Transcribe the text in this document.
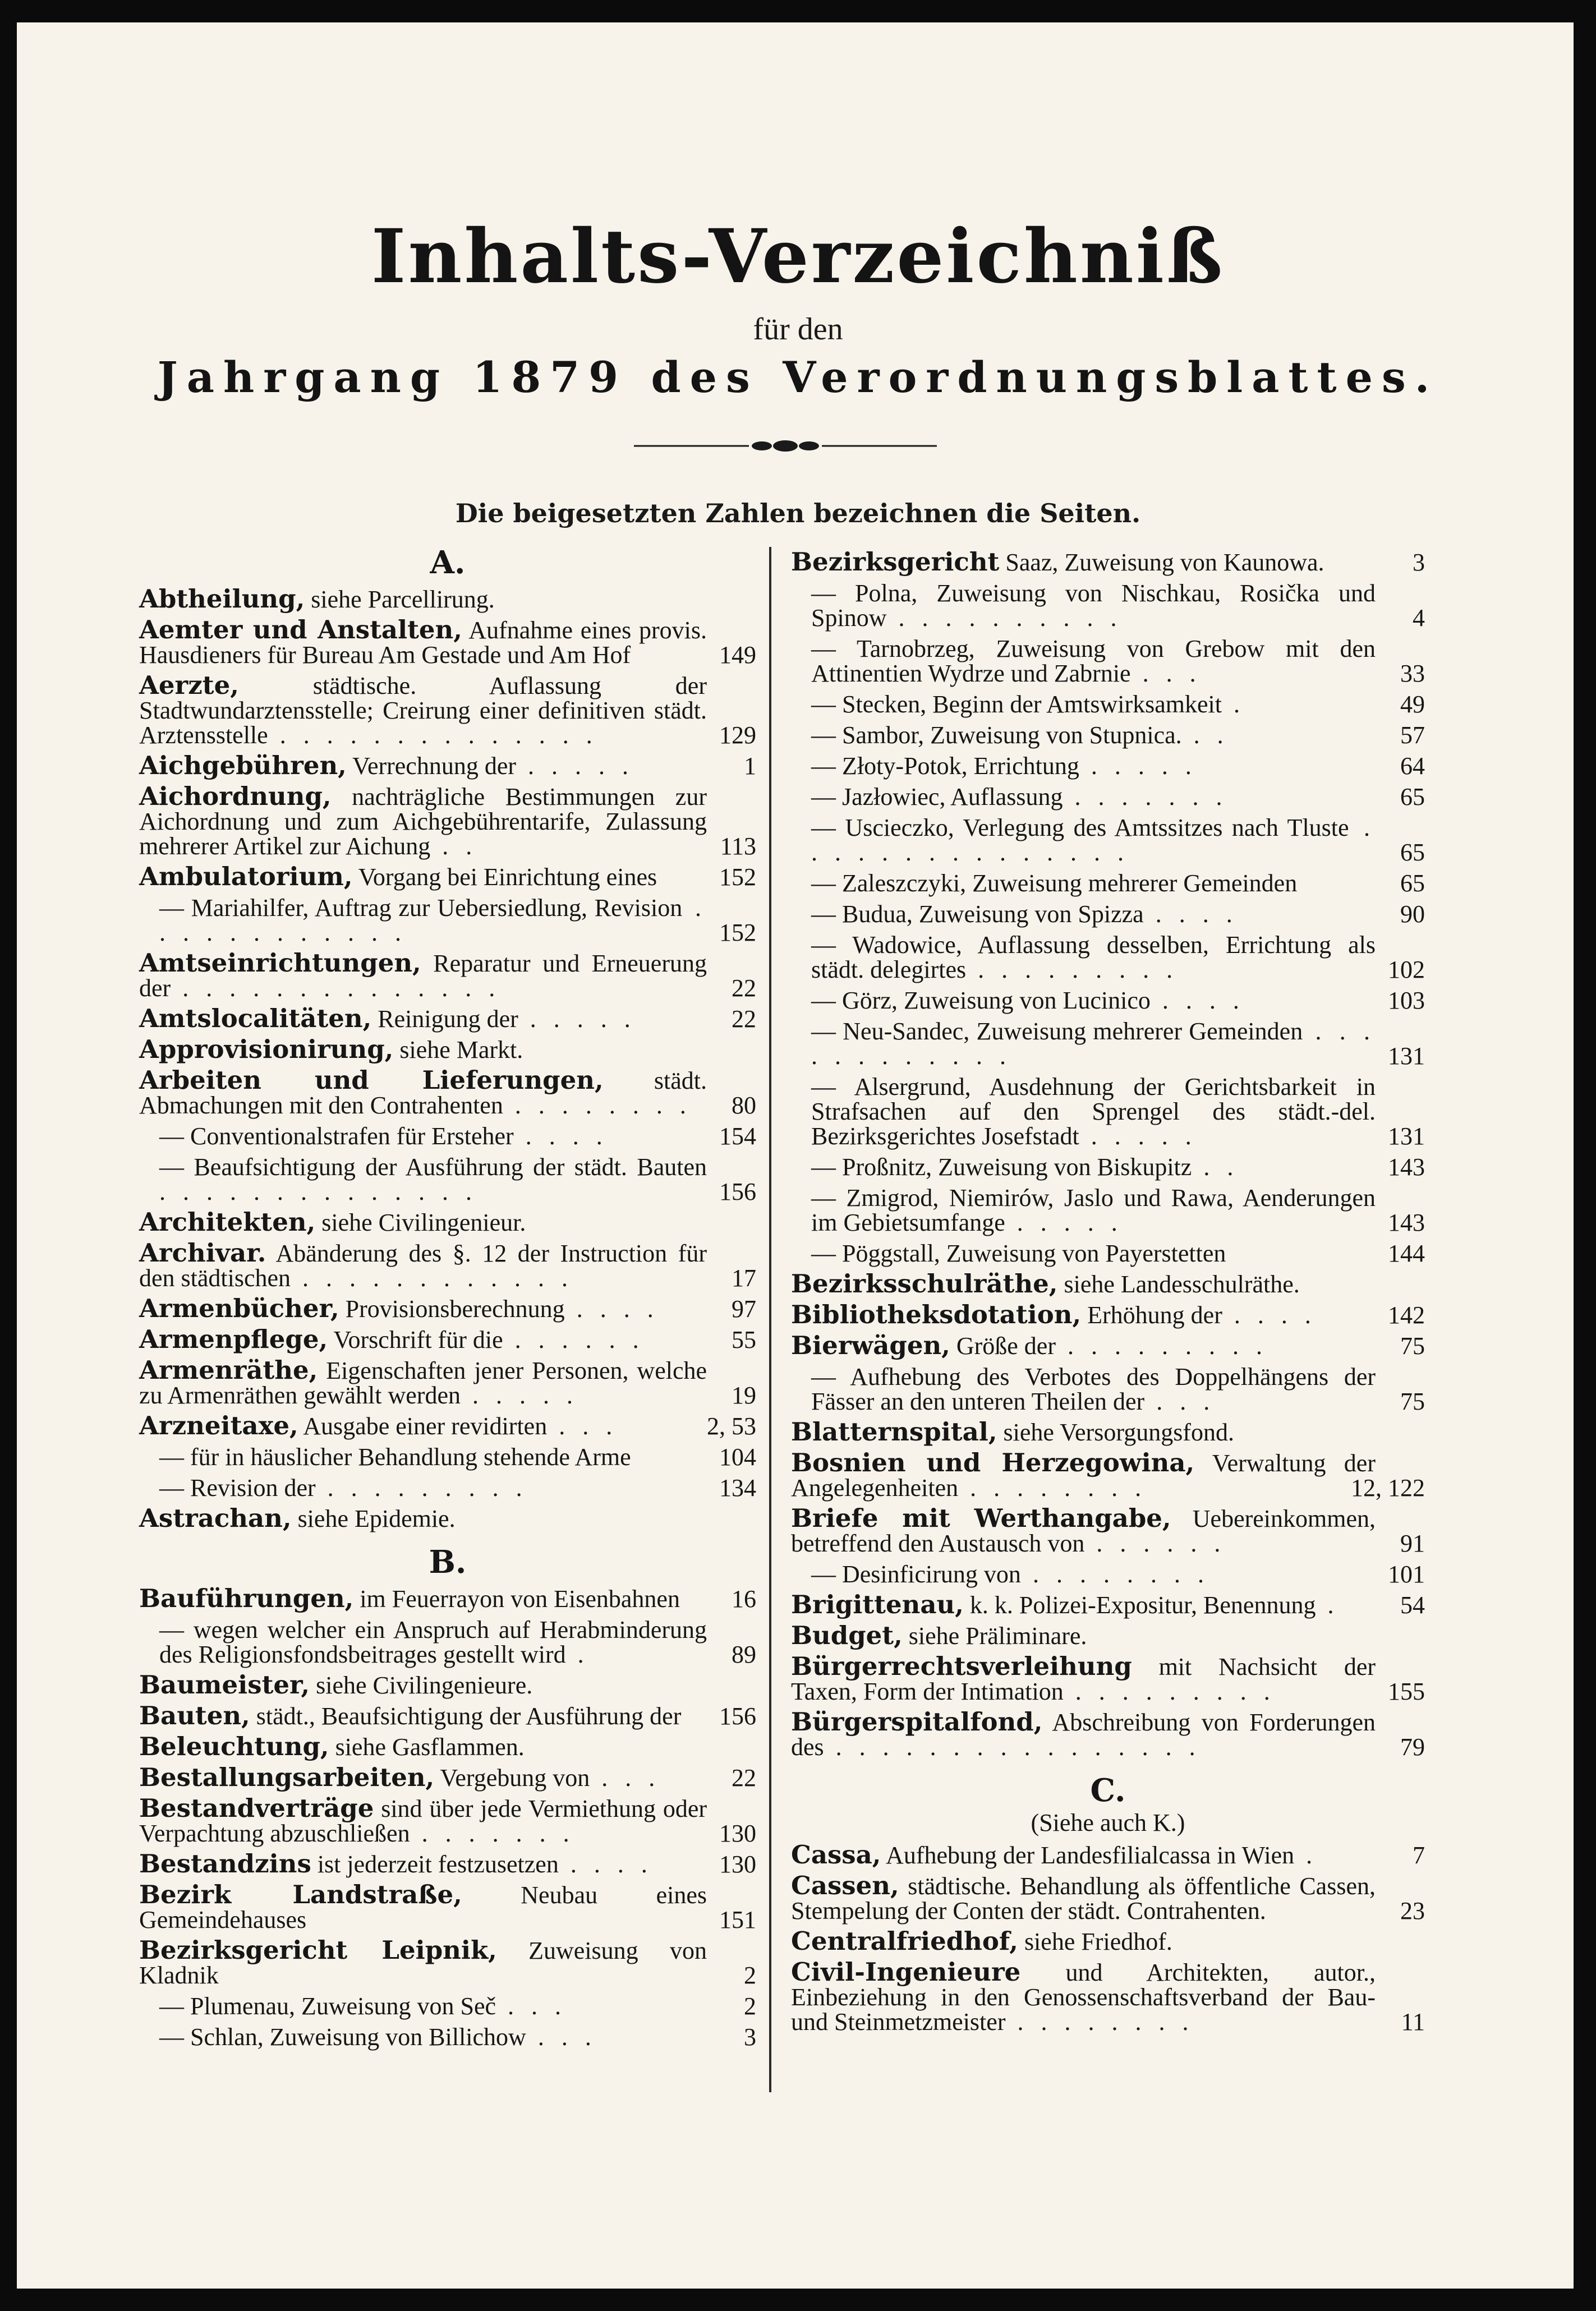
Inhalts-Verzeichniß
für den
Jahrgang 1879 des Verordnungsblattes.
Die beigesetzten Zahlen bezeichnen die Seiten.
A.
Abtheilung, siehe Parcellirung.
Aemter und Anstalten, Aufnahme eines provis. Hausdieners für Bureau Am Gestade und Am Hof	149
Aerzte, städtische. Auflassung der Stadtwundarztensstelle; Creirung einer definitiven städt. Arztensstelle . . . . . . . . . . . . . .	129
Aichgebühren, Verrechnung der . . . . .	1
Aichordnung, nachträgliche Bestimmungen zur Aichordnung und zum Aichgebührentarife, Zulassung mehrerer Artikel zur Aichung . .	113
Ambulatorium, Vorgang bei Einrichtung eines	152
— Mariahilfer, Auftrag zur Uebersiedlung, Revision . . . . . . . . . . . .	152
Amtseinrichtungen, Reparatur und Erneuerung der . . . . . . . . . . . . . .	22
Amtslocalitäten, Reinigung der . . . . .	22
Approvisionirung, siehe Markt.
Arbeiten und Lieferungen, städt. Abmachungen mit den Contrahenten . . . . . . . . 80
— Conventionalstrafen für Ersteher . . . .	154
— Beaufsichtigung der Ausführung der städt. Bauten . . . . . . . . . . . . . .	156
Architekten, siehe Civilingenieur.
Archivar. Abänderung des §. 12 der Instruction für den städtischen . . . . . . . . . . . .	17
Armenbücher, Provisionsberechnung . . . .	97
Armenpflege, Vorschrift für die . . . . . .	55
Armenräthe, Eigenschaften jener Personen, welche zu Armenräthen gewählt werden . . . . .	19
Arzneitaxe, Ausgabe einer revidirten . . .	2, 53
— für in häuslicher Behandlung stehende Arme	104
— Revision der . . . . . . . . .	134
Astrachan, siehe Epidemie.
B.
Bauführungen, im Feuerrayon von Eisenbahnen 16
— wegen welcher ein Anspruch auf Herabminderung des Religionsfondsbeitrages gestellt wird .	89
Baumeister, siehe Civilingenieure.
Bauten, städt., Beaufsichtigung der Ausführung der 156
Beleuchtung, siehe Gasflammen.
Bestallungsarbeiten, Vergebung von . . .	22
Bestandverträge sind über jede Vermiethung oder Verpachtung abzuschließen . . . . . . .	130
Bestandzins ist jederzeit festzusetzen . . . .	130
Bezirk Landstraße, Neubau eines Gemeindehauses	151
Bezirksgericht Leipnik, Zuweisung von Kladnik	2
— Plumenau, Zuweisung von Seč . . .	2
— Schlan, Zuweisung von Billichow . . .	3
Bezirksgericht Saaz, Zuweisung von Kaunowa.	3
— Polna, Zuweisung von Nischkau, Rosička und Spinow . . . . . . . . . .	4
— Tarnobrzeg, Zuweisung von Grebow mit den Attinentien Wydrze und Zabrnie . . .	33
— Stecken, Beginn der Amtswirksamkeit .	49
— Sambor, Zuweisung von Stupnica. . .	57
— Złoty-Potok, Errichtung . . . . .	64
— Jazłowiec, Auflassung . . . . . . .	65
— Uscieczko, Verlegung des Amtssitzes nach Tluste . . . . . . . . . . . . . . .	65
— Zaleszczyki, Zuweisung mehrerer Gemeinden	65
— Budua, Zuweisung von Spizza . . . .	90
— Wadowice, Auflassung desselben, Errichtung als städt. delegirtes . . . . . . . . .	102
— Görz, Zuweisung von Lucinico . . . .	103
— Neu-Sandec, Zuweisung mehrerer Gemeinden . . . . . . . . . . . .	131
— Alsergrund, Ausdehnung der Gerichtsbarkeit in Strafsachen auf den Sprengel des städt.-del. Bezirksgerichtes Josefstadt . . . . .	131
— Proßnitz, Zuweisung von Biskupitz . .	143
— Zmigrod, Niemirów, Jaslo und Rawa, Aenderungen im Gebietsumfange . . . . .	143
— Pöggstall, Zuweisung von Payerstetten	144
Bezirksschulräthe, siehe Landesschulräthe.
Bibliotheksdotation, Erhöhung der . . . .	142
Bierwägen, Größe der . . . . . . . . .	75
— Aufhebung des Verbotes des Doppelhängens der Fässer an den unteren Theilen der . . .	75
Blatternspital, siehe Versorgungsfond.
Bosnien und Herzegowina, Verwaltung der Angelegenheiten . . . . . . . .	12, 122
Briefe mit Werthangabe, Uebereinkommen, betreffend den Austausch von . . . . . .	91
— Desinficirung von . . . . . . . .	101
Brigittenau, k. k. Polizei-Expositur, Benennung . 54
Budget, siehe Präliminare.
Bürgerrechtsverleihung mit Nachsicht der Taxen, Form der Intimation . . . . . . . . .	155
Bürgerspitalfond, Abschreibung von Forderungen des . . . . . . . . . . . . . . . .	79
C.
(Siehe auch K.)
Cassa, Aufhebung der Landesfilialcassa in Wien .	7
Cassen, städtische. Behandlung als öffentliche Cassen, Stempelung der Conten der städt. Contrahenten.	23
Centralfriedhof, siehe Friedhof.
Civil-Ingenieure und Architekten, autor., Einbeziehung in den Genossenschaftsverband der Bau- und Steinmetzmeister . . . . . . . .	11
